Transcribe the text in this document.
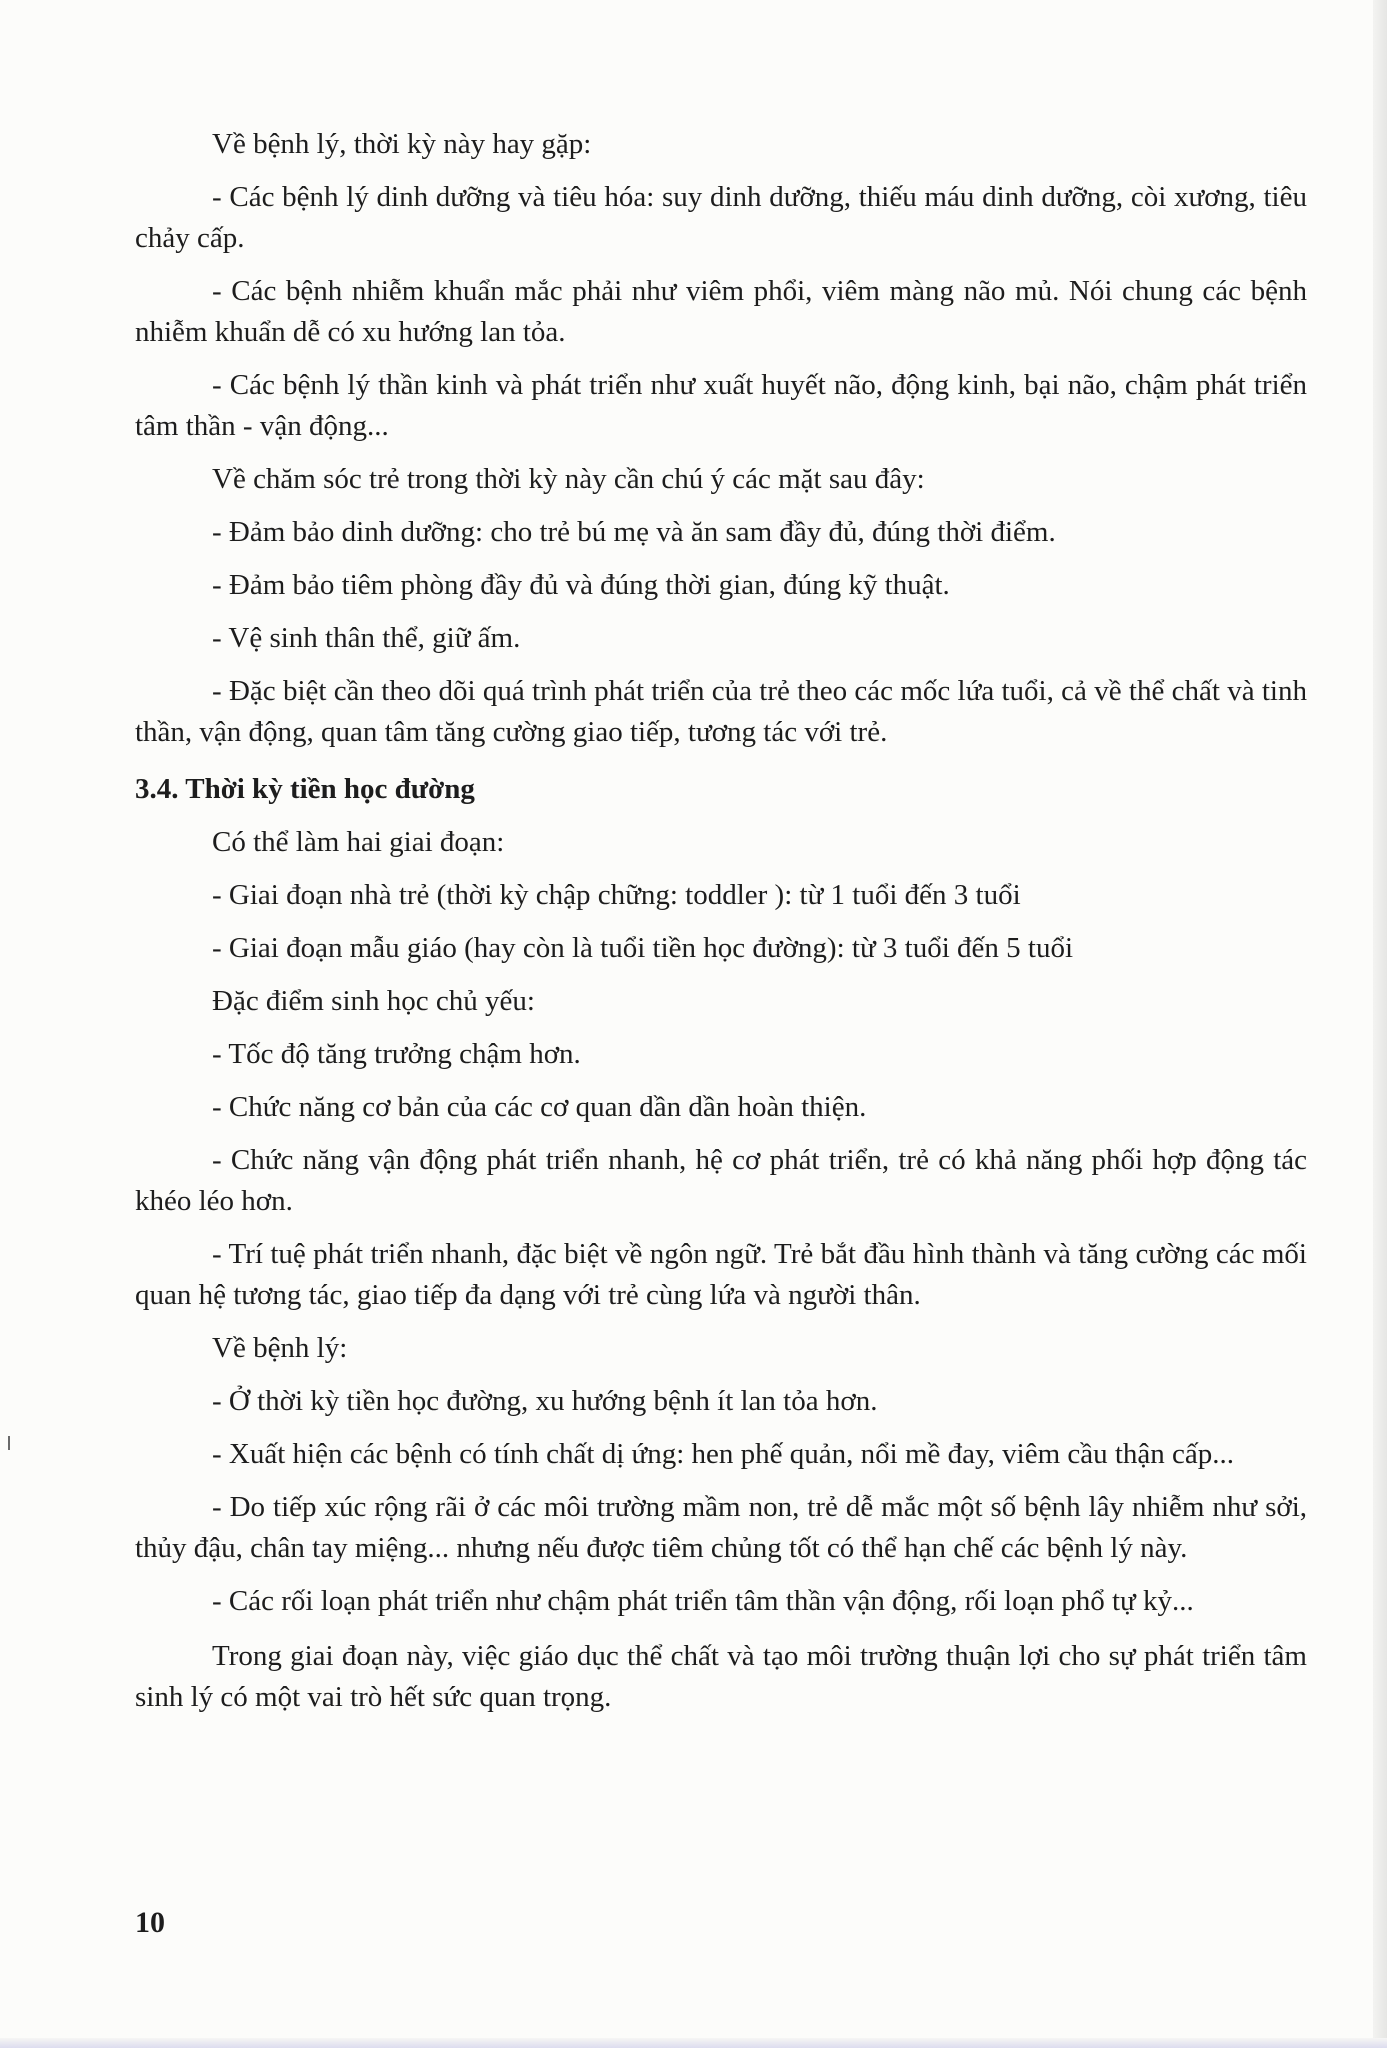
Về bệnh lý, thời kỳ này hay gặp:

- Các bệnh lý dinh dưỡng và tiêu hóa: suy dinh dưỡng, thiếu máu dinh dưỡng, còi xương, tiêu chảy cấp.

- Các bệnh nhiễm khuẩn mắc phải như viêm phổi, viêm màng não mủ. Nói chung các bệnh nhiễm khuẩn dễ có xu hướng lan tỏa.

- Các bệnh lý thần kinh và phát triển như xuất huyết não, động kinh, bại não, chậm phát triển tâm thần - vận động...

Về chăm sóc trẻ trong thời kỳ này cần chú ý các mặt sau đây:

- Đảm bảo dinh dưỡng: cho trẻ bú mẹ và ăn sam đầy đủ, đúng thời điểm.

- Đảm bảo tiêm phòng đầy đủ và đúng thời gian, đúng kỹ thuật.

- Vệ sinh thân thể, giữ ấm.

- Đặc biệt cần theo dõi quá trình phát triển của trẻ theo các mốc lứa tuổi, cả về thể chất và tinh thần, vận động, quan tâm tăng cường giao tiếp, tương tác với trẻ.

3.4. Thời kỳ tiền học đường

Có thể làm hai giai đoạn:

- Giai đoạn nhà trẻ (thời kỳ chập chững: toddler ): từ 1 tuổi đến 3 tuổi

- Giai đoạn mẫu giáo (hay còn là tuổi tiền học đường): từ 3 tuổi đến 5 tuổi

Đặc điểm sinh học chủ yếu:

- Tốc độ tăng trưởng chậm hơn.

- Chức năng cơ bản của các cơ quan dần dần hoàn thiện.

- Chức năng vận động phát triển nhanh, hệ cơ phát triển, trẻ có khả năng phối hợp động tác khéo léo hơn.

- Trí tuệ phát triển nhanh, đặc biệt về ngôn ngữ. Trẻ bắt đầu hình thành và tăng cường các mối quan hệ tương tác, giao tiếp đa dạng với trẻ cùng lứa và người thân.

Về bệnh lý:

- Ở thời kỳ tiền học đường, xu hướng bệnh ít lan tỏa hơn.

- Xuất hiện các bệnh có tính chất dị ứng: hen phế quản, nổi mề đay, viêm cầu thận cấp...

- Do tiếp xúc rộng rãi ở các môi trường mầm non, trẻ dễ mắc một số bệnh lây nhiễm như sởi, thủy đậu, chân tay miệng... nhưng nếu được tiêm chủng tốt có thể hạn chế các bệnh lý này.

- Các rối loạn phát triển như chậm phát triển tâm thần vận động, rối loạn phổ tự kỷ...

Trong giai đoạn này, việc giáo dục thể chất và tạo môi trường thuận lợi cho sự phát triển tâm sinh lý có một vai trò hết sức quan trọng.

10
